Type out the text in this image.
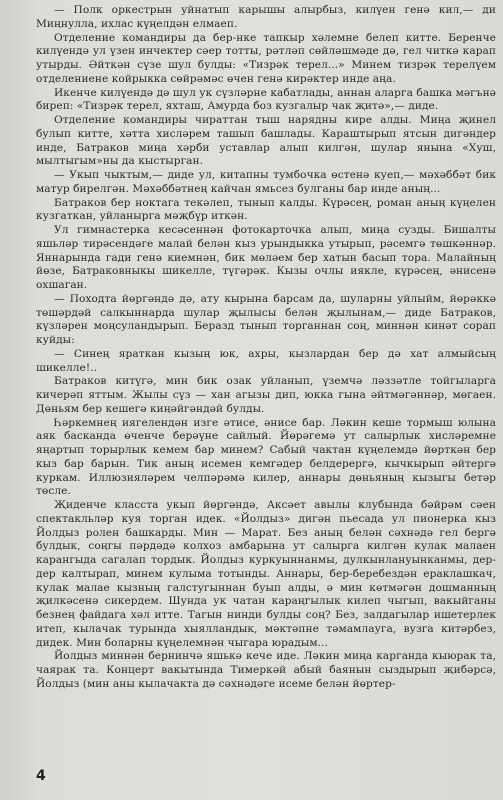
— Полк оркестрын уйнатып карышы алырбыз, килүен генә кил,— ди Миңнулла, ихлас күңелдән елмаеп.

Отделение командиры да бер-нке тапкыр хәлемне белеп китте. Беренче килүендә ул үзен инчектер сәер тотты, рәтләп сөйләшмәде дә, гел читкә карап утырды. Әйткән сүзе шул булды: «Тизрәк терел...» Минем тизрәк терелүем отделениене койрыкка сөйрәмәс өчен генә кирәктер инде аңа.

Икенче килүендә дә шул ук сүзләрне кабатлады, аннан аларга башка мәгънә биреп: «Тизрәк терел, яхташ, Амурда боз кузгалыр чак җитә»,— диде.

Отделение командиры чираттан тыш нарядны кире алды. Миңа җинел булып китте, хәтта хисләрем ташып башлады. Караштырып ятсын дигәндер инде, Батраков миңа хәрби уставлар алып килгән, шулар янына «Хуш, мылтыгым»ны да кыстырган.

— Укып чыктым,— диде ул, китапны тумбочка өстенә куеп,— мәхәббәт бик матур бирелгән. Мәхәббәтнең кайчан ямьсез булганы бар инде аның...

Батраков бер ноктага текәлеп, тынып калды. Күрәсең, роман аның күңелен кузгаткан, уйланырга мәҗбүр иткән.

Ул гимнастерка кесәсеннән фотокарточка алып, миңа сузды. Бишалты яшьләр тирәсендәге малай белән кыз урындыкка утырып, рәсемгә төшкәннәр. Яннарында гади генә киемнән, бик мөләем бер хатын басып тора. Малайның йөзе, Батраковныкы шикелле, түгәрәк. Кызы очлы иякле, күрәсең, әнисенә охшаган.

— Походта йөргәндә дә, ату кырына барсам да, шуларны уйлыйм, йөрәккә төшәрдәй салкыннарда шулар җылысы белән җылынам,— диде Батраков, күзләрен моңсуландырып. Беразд тынып торганнан соң, миннән кинәт сорап куйды:

— Синең яраткан кызың юк, ахры, кызлардан бер дә хат алмыйсың шикелле!..

Батраков китүгә, мин бик озак уйланып, үземчә ләззәтле тойгыларга кичерәп яттым. Жылы сүз — хан агызы дип, юкка гына әйтмәгәннәр, мөгаен. Дөньям бер кешегә киңәйгәндәй булды.

Һәркемнең иягелендән изге әтисе, әнисе бар. Ләкин кеше тормыш юлына аяк басканда өченче берәүне сайлый. Йөрәгемә ут салырлык хисләремне яңартып торырлык кемем бар минем? Сабый чактан күңелемдә йөрткән бер кыз бар барын. Тик аның исемен кемгәдер белдерергә, кычкырып әйтергә куркам. Иллюзияләрем челпәрәмә килер, аннары дөньяның кызыгы бетәр төсле.

Җиденче класста укып йөргәндә, Аксәет авылы клубында бәйрәм сәен спектакльләр куя торган идек. «Йолдыз» дигән пьесада ул пионерка кыз Йолдыз ролен башкарды. Мин — Марат. Без аның белән сәхнәдә гел бергә булдык, соңгы пәрдәдә колхоз амбарына ут салырга килгән кулак малаен карангыда сагалап тордык. Йолдыз куркуыннанмы, дулкынлануынканмы, дер-дер калтырап, минем кулыма тотынды. Аннары, бер-беребездән ераклашкач, кулак малае кызның галстугыннан буып алды, ә мин көтмәгән дошманның җилкәсенә сикердем. Шунда ук чатан караңгылык килеп чыгып, вакыйганы безнең файдага хәл итте. Тагын нинди булды соң? Без, залдагылар ишетерлек итеп, кылачак турында хыялландык, мәктәпне тәмамлауга, вузга китәрбез, дидек. Мин боларны күңелемнән чыгара юрадым...

Йолдыз миннән бернинчә яшькә кече иде. Ләкин миңа карганда кыюрак та, чаярак та. Концерт вакытында Тимеркәй абый баянын сыздырып җибәрсә, Йолдыз (мин аны кылачакта дә сәхнәдәге исеме белән йөртер-

4
